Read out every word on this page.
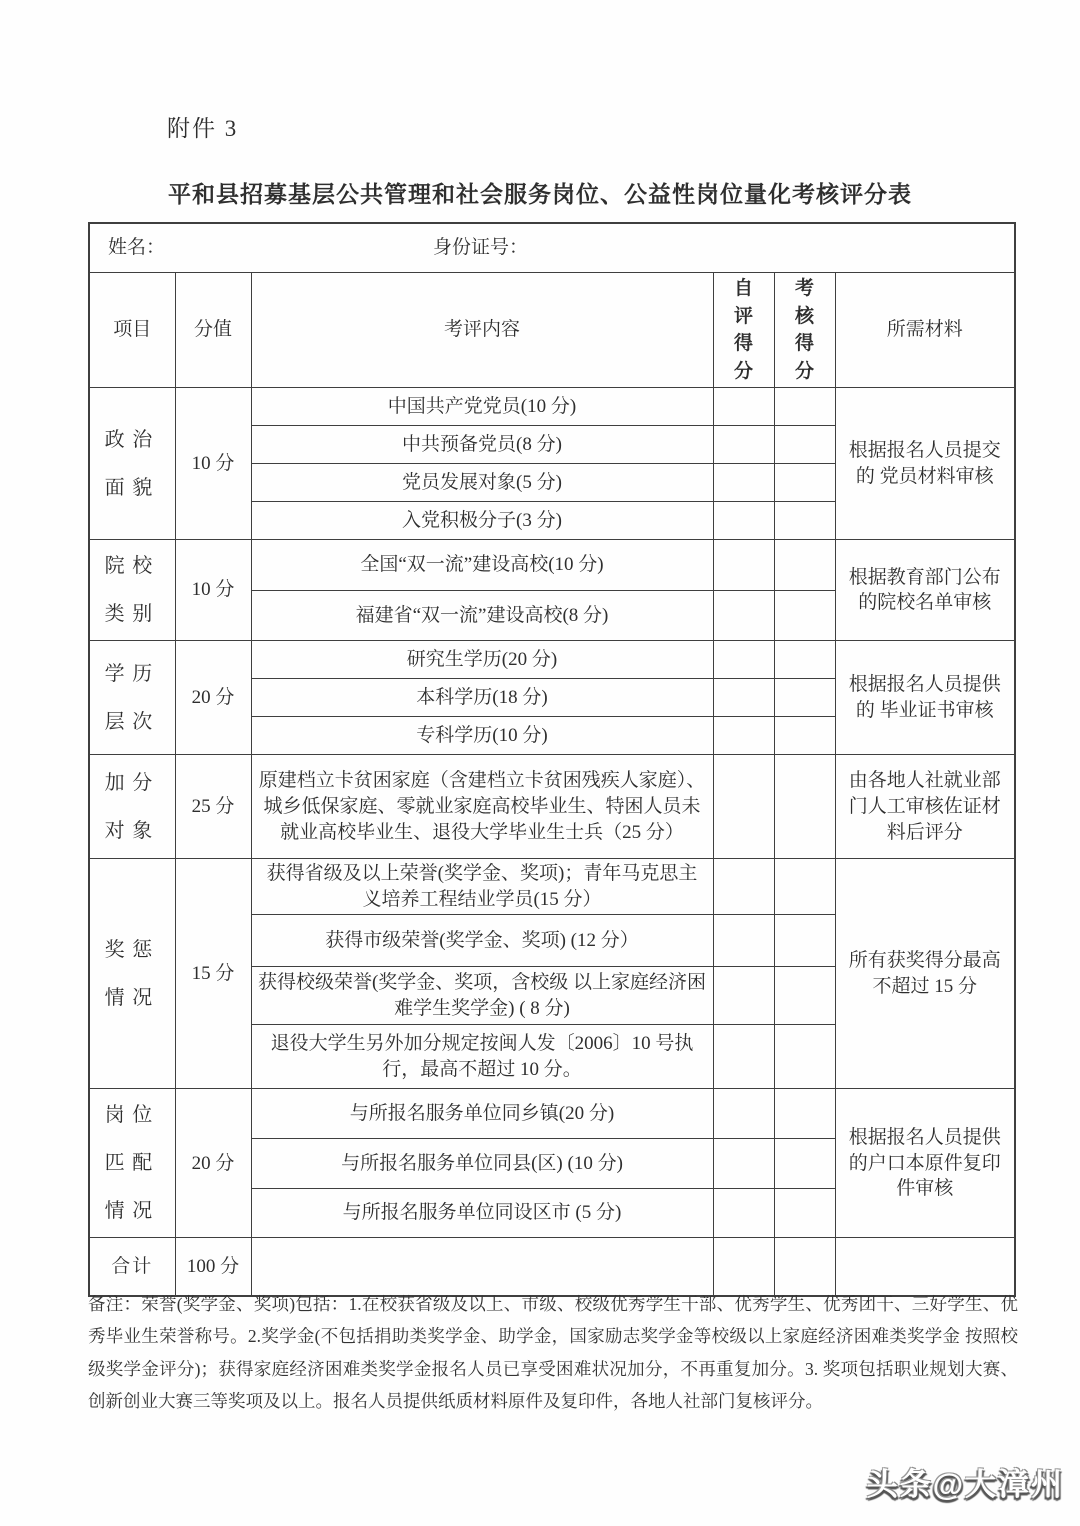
附件 3
平和县招募基层公共管理和社会服务岗位、公益性岗位量化考核评分表
姓名： 身份证号：					

项目	分值	考评内容	自评得分	考核得分	所需材料
政治面貌	10 分	中国共产党党员(10 分)			根据报名人员提交的 党员材料审核
		中共预备党员(8 分)			
		党员发展对象(5 分)			
		入党积极分子(3 分)			
院校类别	10 分	全国“双一流”建设高校(10 分)			根据教育部门公布的院校名单审核
		福建省“双一流”建设高校(8 分)			
学历层次	20 分	研究生学历(20 分)			根据报名人员提供的 毕业证书审核
		本科学历(18 分)			
		专科学历(10 分)			
加分对象	25 分	原建档立卡贫困家庭（含建档立卡贫困残疾人家庭）、城乡低保家庭、零就业家庭高校毕业生、特困人员未就业高校毕业生、退役大学毕业生士兵（25 分）			由各地人社就业部门人工审核佐证材料后评分
奖惩情况	15 分	获得省级及以上荣誉(奖学金、奖项)；青年马克思主义培养工程结业学员(15 分）			所有获奖得分最高不超过 15 分
		获得市级荣誉(奖学金、奖项) (12 分）			
		获得校级荣誉(奖学金、奖项，含校级 以上家庭经济困难学生奖学金) ( 8 分)			
		退役大学生另外加分规定按闽人发〔2006〕10 号执行，最高不超过 10 分。			
岗位匹配情况	20 分	与所报名服务单位同乡镇(20 分)			根据报名人员提供的户口本原件复印件审核
		与所报名服务单位同县(区) (10 分)			
		与所报名服务单位同设区市 (5 分)			
合计	100 分				
备注：荣誉(奖学金、奖项)包括：1.在校获省级及以上、市级、校级优秀学生干部、优秀学生、优秀团干、三好学生、优秀毕业生荣誉称号。2.奖学金(不包括捐助类奖学金、助学金，国家励志奖学金等校级以上家庭经济困难类奖学金 按照校级奖学金评分)；获得家庭经济困难类奖学金报名人员已享受困难状况加分，不再重复加分。3. 奖项包括职业规划大赛、创新创业大赛三等奖项及以上。报名人员提供纸质材料原件及复印件，各地人社部门复核评分。
头条@大漳州
